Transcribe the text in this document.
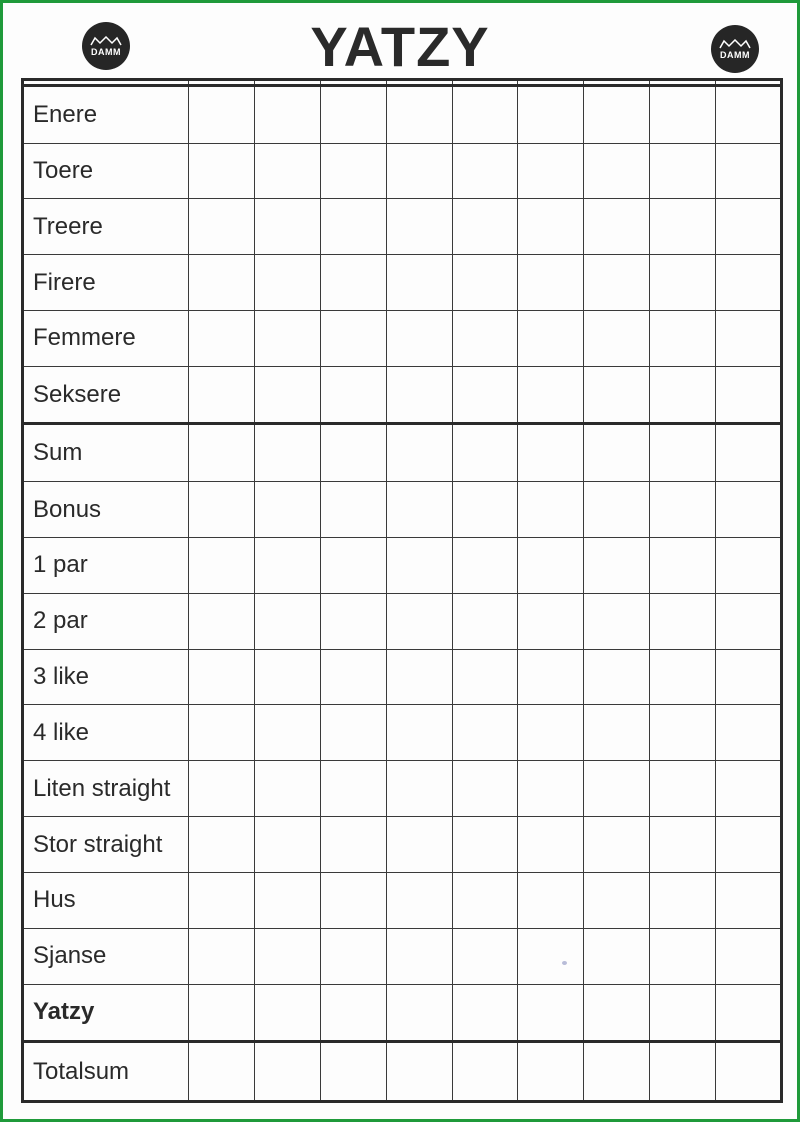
DAMM	YATZY	DAMM

Enere									
Toere									
Treere									
Firere									
Femmere									
Seksere									
Sum									
Bonus									
1 par									
2 par									
3 like									
4 like									
Liten straight									
Stor straight									
Hus									
Sjanse									
Yatzy									
Totalsum									
